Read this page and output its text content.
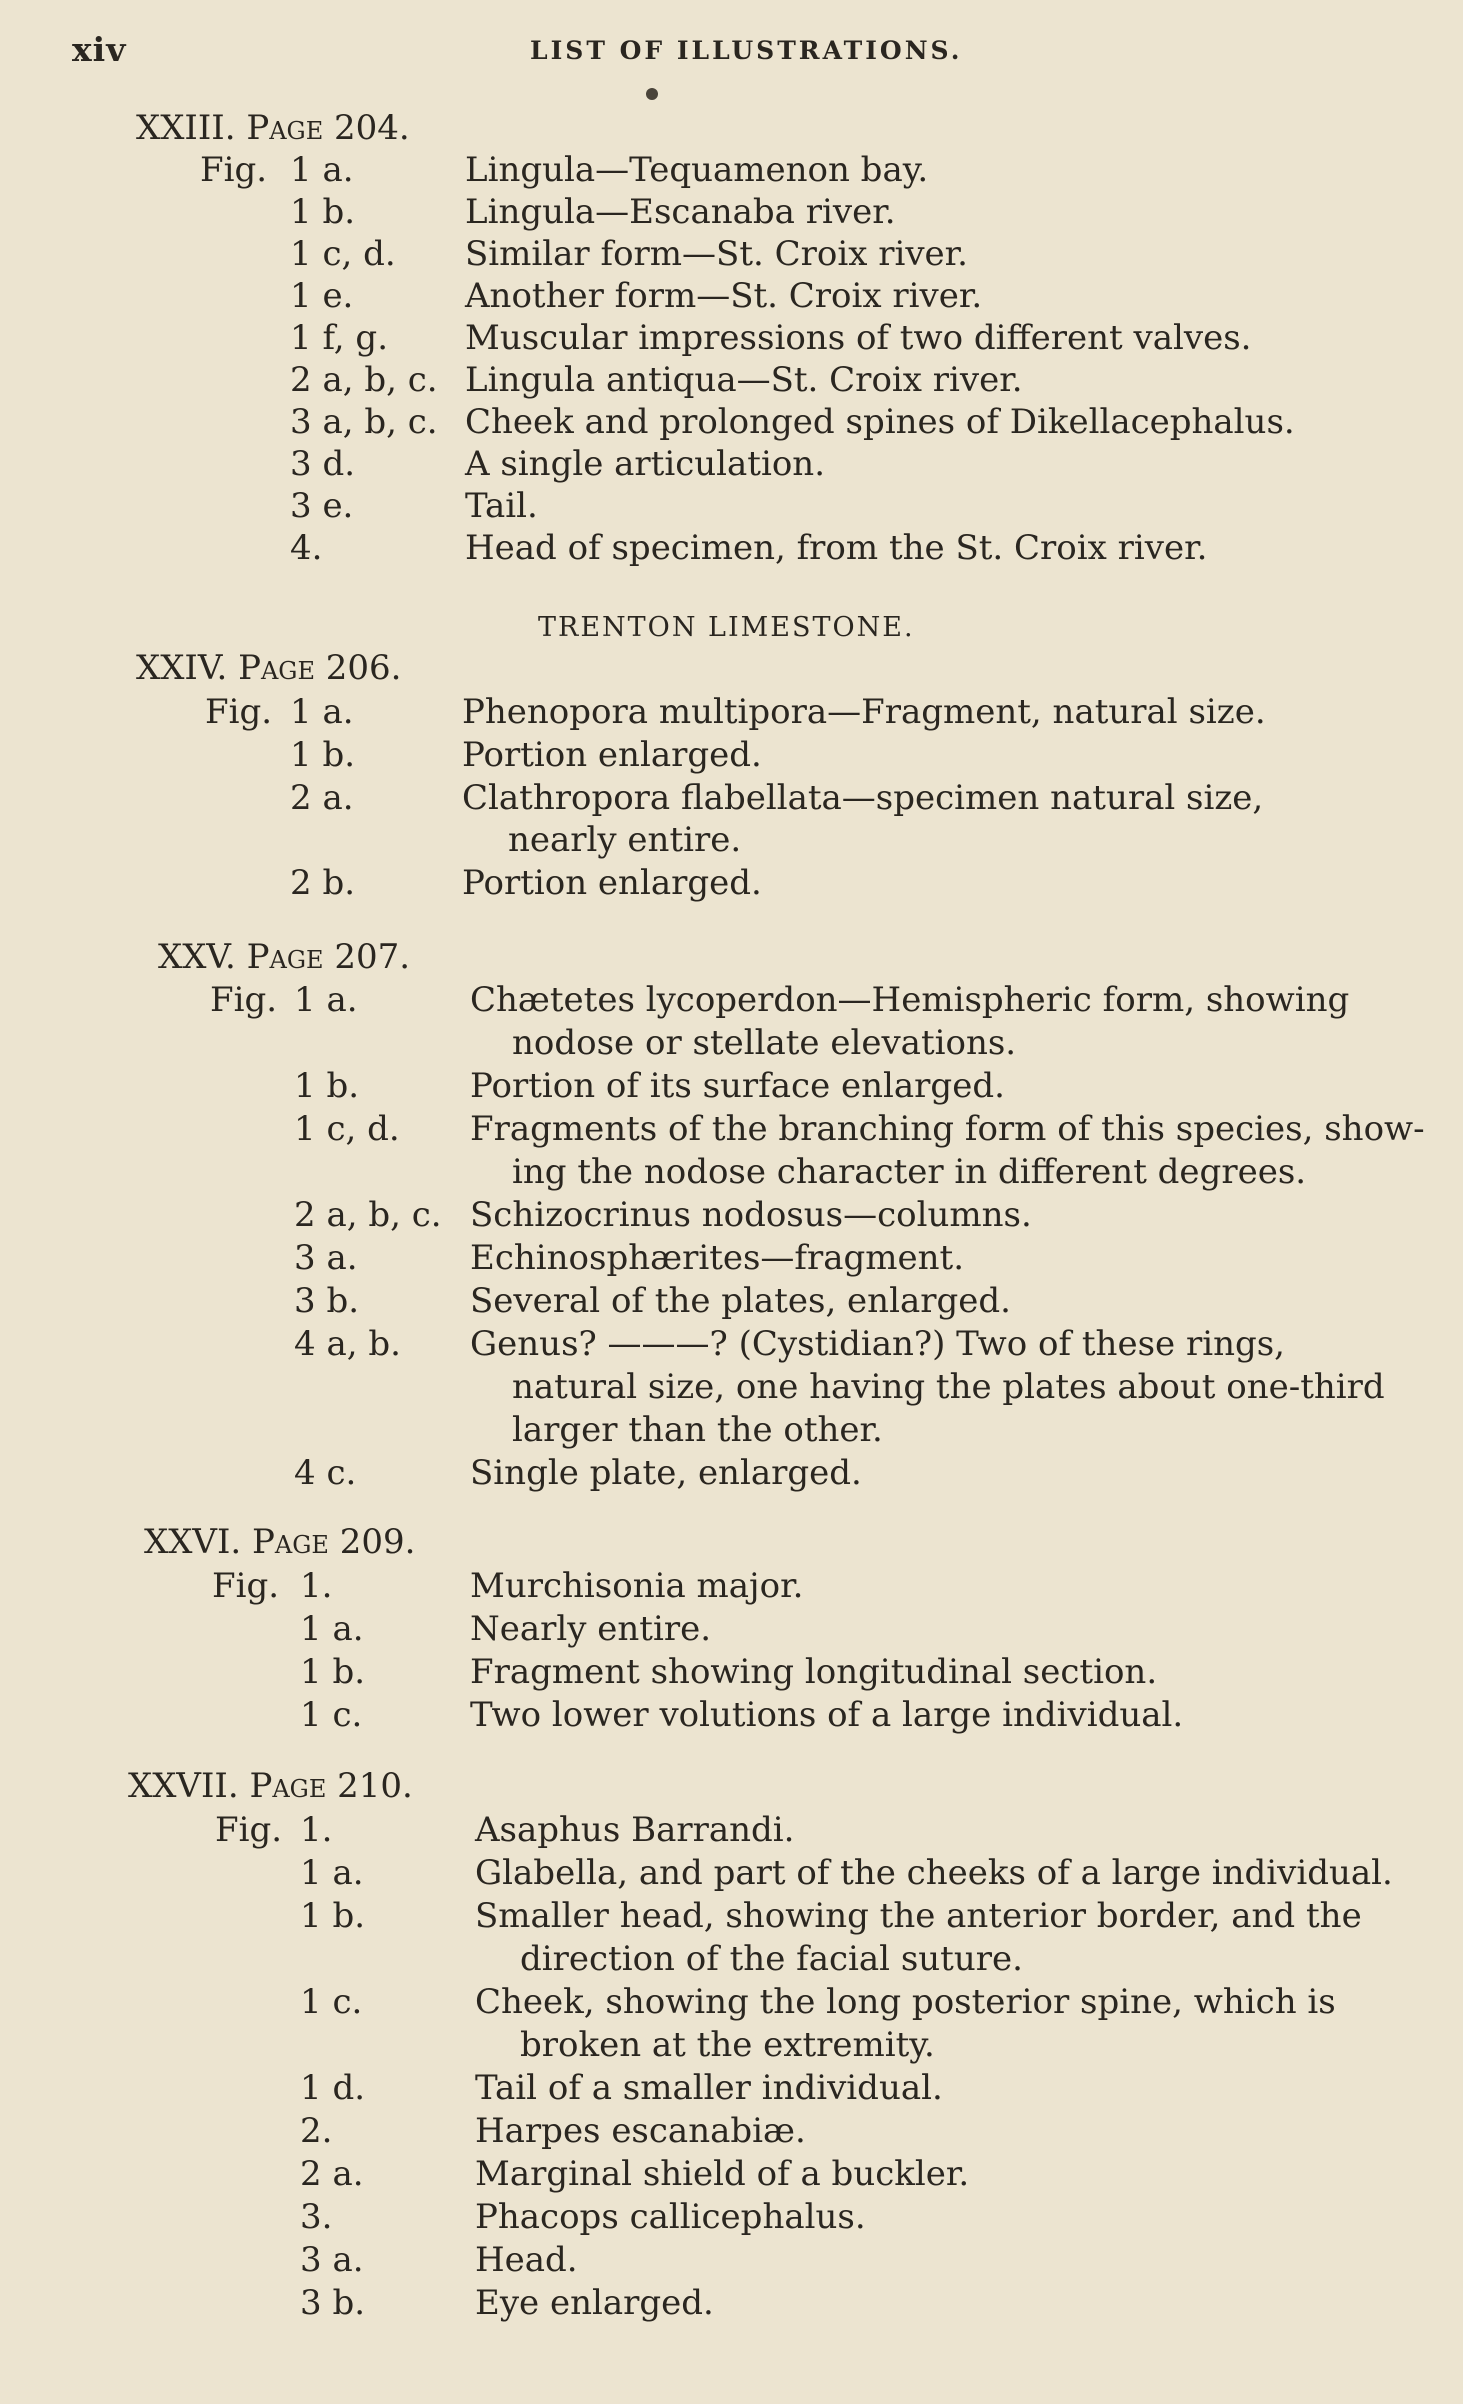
xiv	LIST OF ILLUSTRATIONS.
XXIII. Page 204.
Fig. 1 a.	Lingula—Tequamenon bay.
1 b.	Lingula—Escanaba river.
1 c, d. Similar form—St. Croix river.
1 e.	Another form—St. Croix river.
1 f, g. Muscular impressions of two different valves.
2 a, b, c. Lingula antiqua—St. Croix river.
3 a, b, c. Cheek and prolonged spines of Dikellacephalus.
3 d.	A single articulation.
3 e.	Tail.
4.	Head of specimen, from the St. Croix river.
TRENTON LIMESTONE.
XXIV. Page 206.
Fig. 1 a.	Phenopora multipora—Fragment, natural size.
1 b.	Portion enlarged.
2 a.	Clathropora flabellata—specimen natural size,
nearly entire.
2 b.	Portion enlarged.
XXV. Page 207.
Fig. 1 a.	Chætetes lycoperdon—Hemispheric form, showing
nodose or stellate elevations.
1 b.	Portion of its surface enlarged.
1 c, d. Fragments of the branching form of this species, show-
ing the nodose character in different degrees.
2 a, b, c. Schizocrinus nodosus—columns.
3 a.	Echinosphærites—fragment.
3 b.	Several of the plates, enlarged.
4 a, b. Genus? ———? (Cystidian?) Two of these rings,
natural size, one having the plates about one-third
larger than the other.
4 c.	Single plate, enlarged.
XXVI. Page 209.
Fig. 1.	Murchisonia major.
1 a.	Nearly entire.
1 b.	Fragment showing longitudinal section.
1 c.	Two lower volutions of a large individual.
XXVII. Page 210.
Fig. 1.	Asaphus Barrandi.
1 a.	Glabella, and part of the cheeks of a large individual.
1 b.	Smaller head, showing the anterior border, and the
direction of the facial suture.
1 c.	Cheek, showing the long posterior spine, which is
broken at the extremity.
1 d.	Tail of a smaller individual.
2.	Harpes escanabiæ.
2 a.	Marginal shield of a buckler.
3.	Phacops callicephalus.
3 a.	Head.
3 b.	Eye enlarged.
